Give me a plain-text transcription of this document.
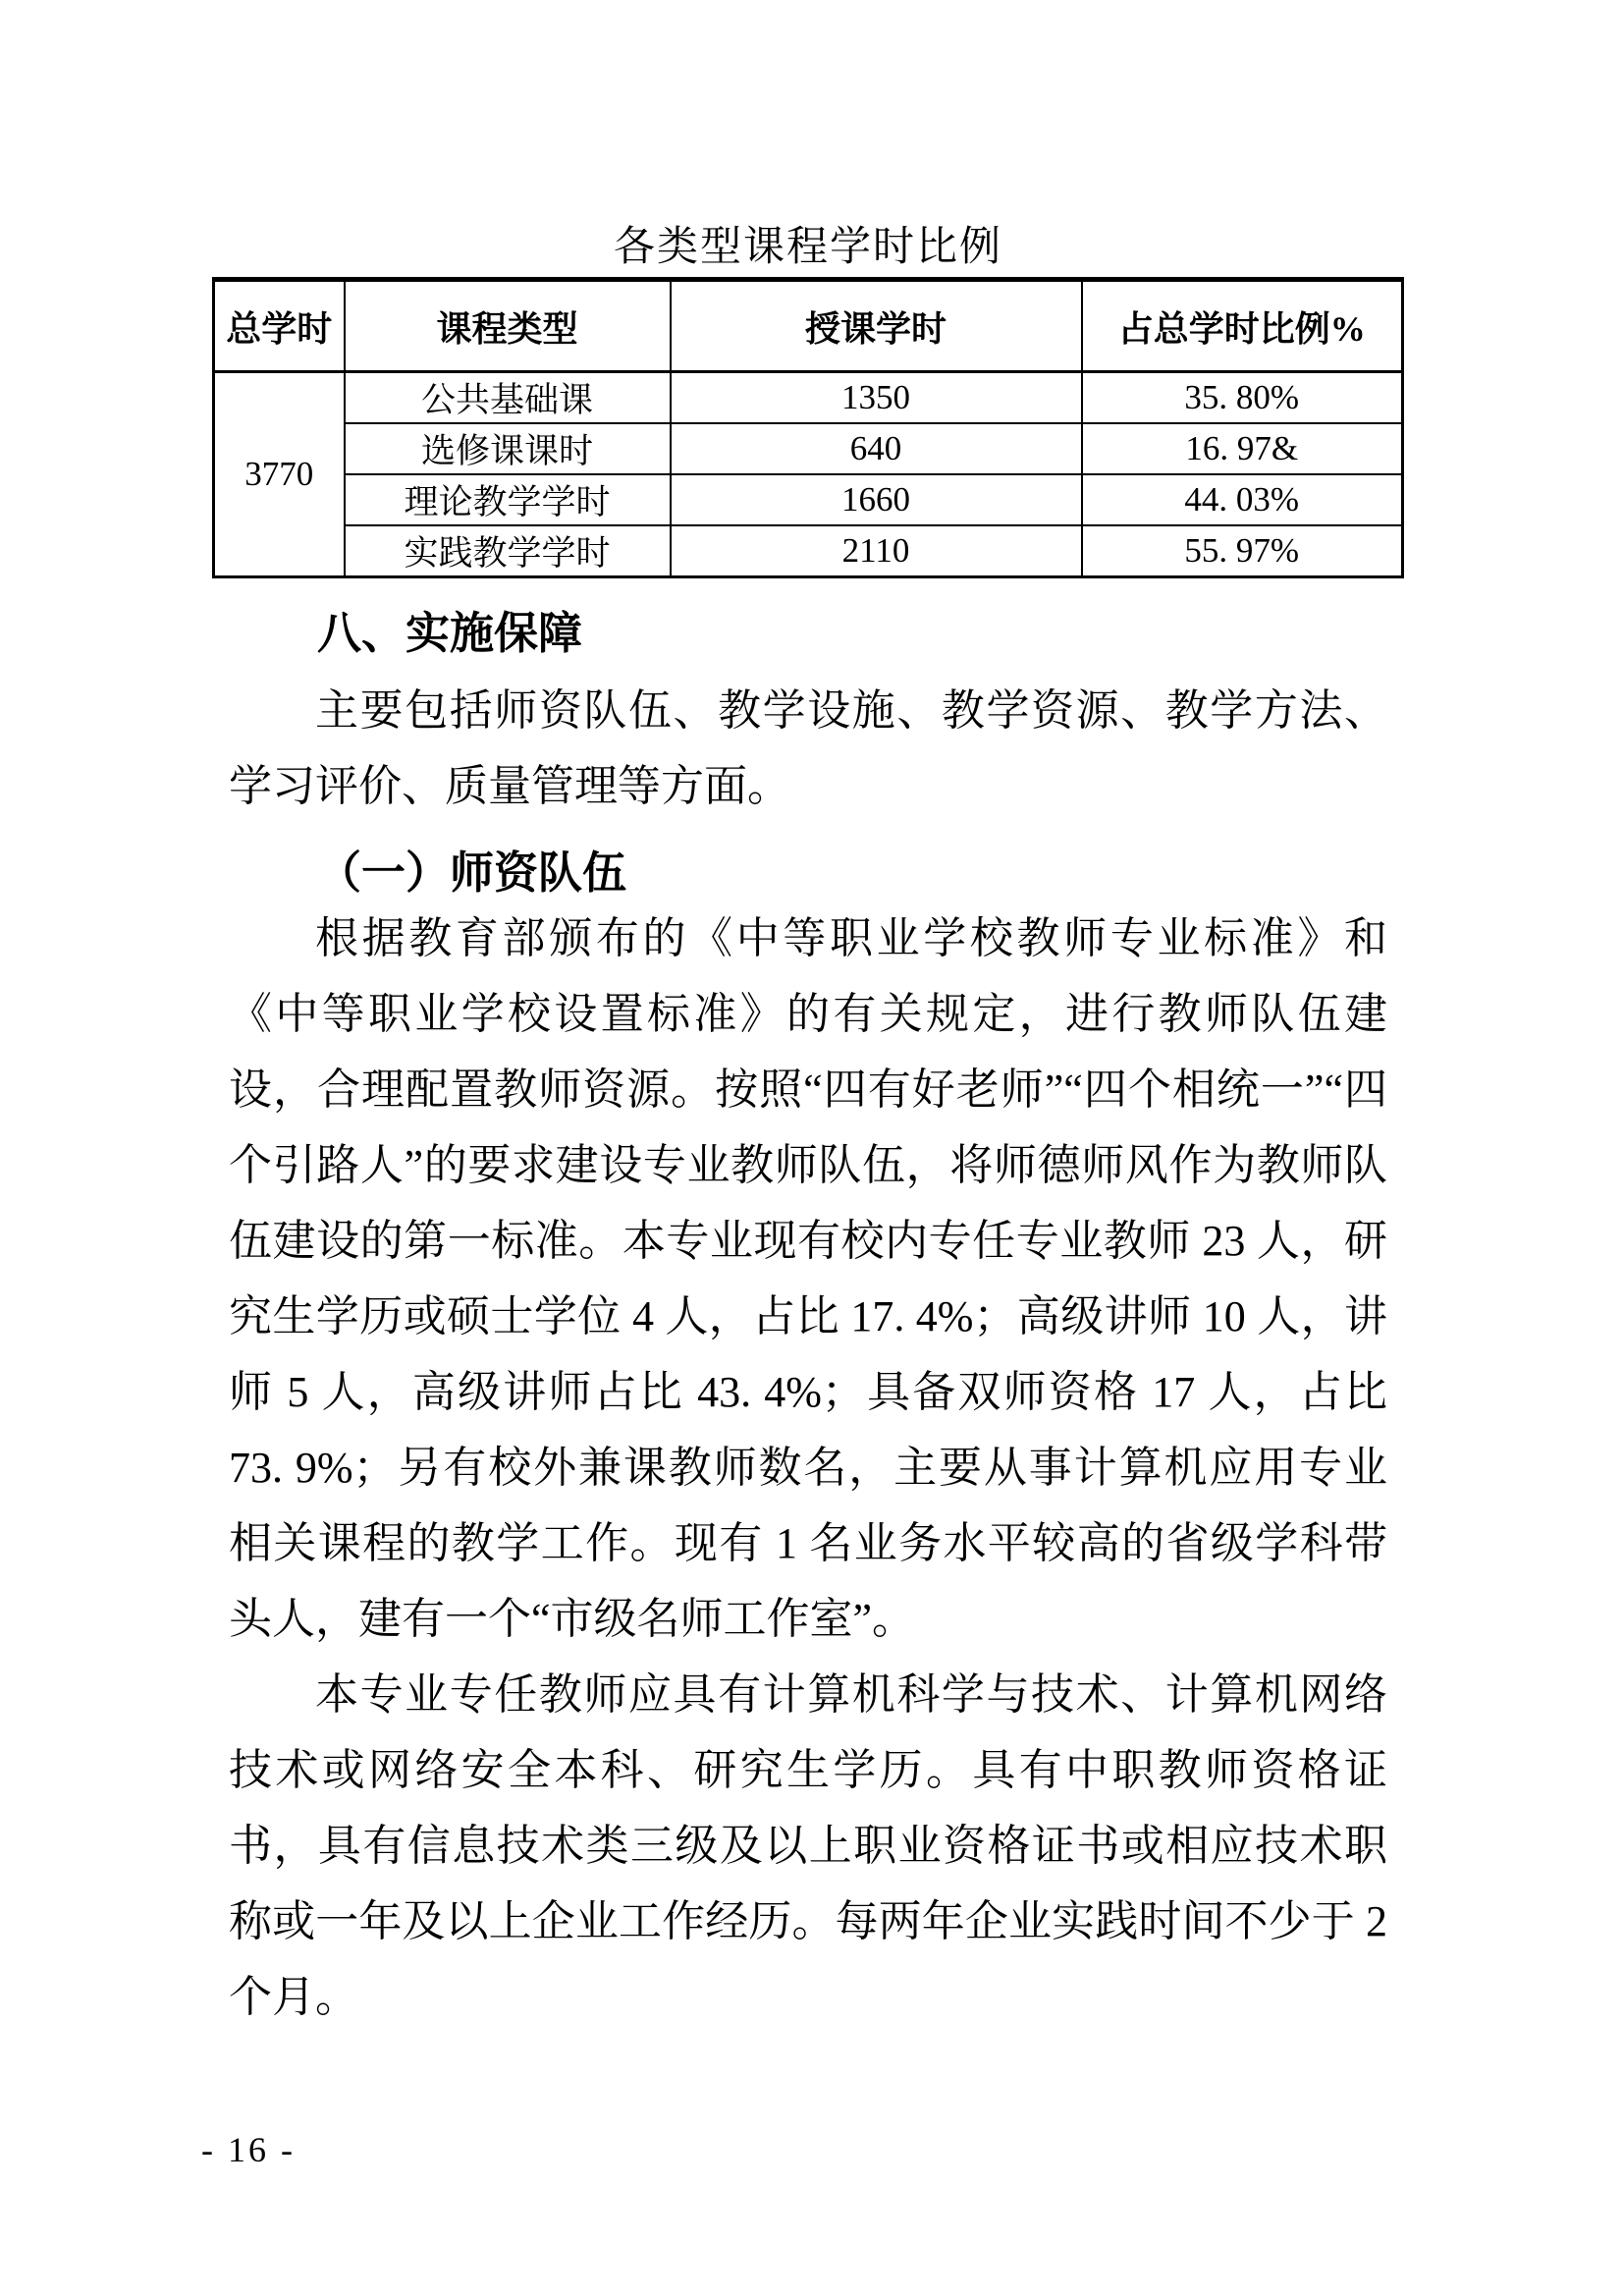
各类型课程学时比例
总学时	课程类型	授课学时	占总学时比例%
3770	公共基础课	1350	35. 80%
	选修课课时	640	16. 97&
	理论教学学时	1660	44. 03%
	实践教学学时	2110	55. 97%
八、实施保障

主要包括师资队伍、教学设施、教学资源、教学方法、学习评价、质量管理等方面。

（一）师资队伍

根据教育部颁布的《中等职业学校教师专业标准》和《中等职业学校设置标准》的有关规定，进行教师队伍建设，合理配置教师资源。按照“四有好老师”“四个相统一”“四个引路人”的要求建设专业教师队伍，将师德师风作为教师队伍建设的第一标准。本专业现有校内专任专业教师 23 人，研究生学历或硕士学位 4 人，占比 17. 4%；高级讲师 10 人，讲师 5 人，高级讲师占比 43. 4%；具备双师资格 17 人，占比 73. 9%；另有校外兼课教师数名，主要从事计算机应用专业相关课程的教学工作。现有 1 名业务水平较高的省级学科带头人，建有一个“市级名师工作室”。

本专业专任教师应具有计算机科学与技术、计算机网络技术或网络安全本科、研究生学历。具有中职教师资格证书，具有信息技术类三级及以上职业资格证书或相应技术职称或一年及以上企业工作经历。每两年企业实践时间不少于 2 个月。

- 16 -
